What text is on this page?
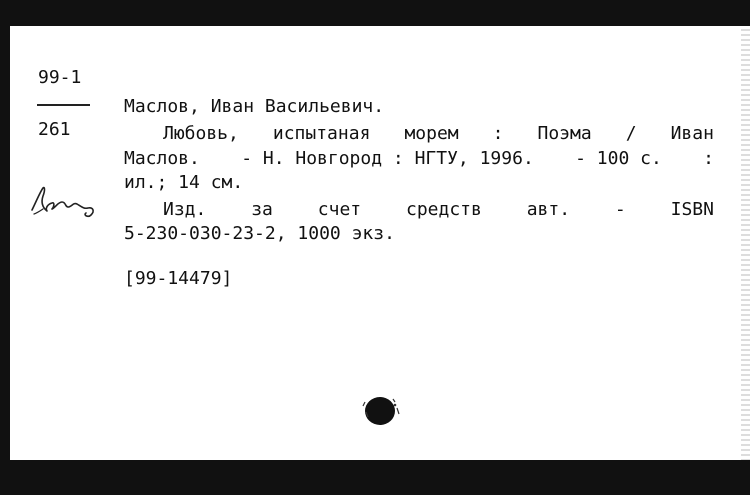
99-1
261
Маслов, Иван Васильевич.
Любовь, испытаная морем : Поэма / Иван
Маслов. - Н. Новгород : НГТУ, 1996. - 100 с. :
ил.; 14 см.
Изд. за счет средств авт. - ISBN
5-230-030-23-2, 1000 экз.
[99-14479]
